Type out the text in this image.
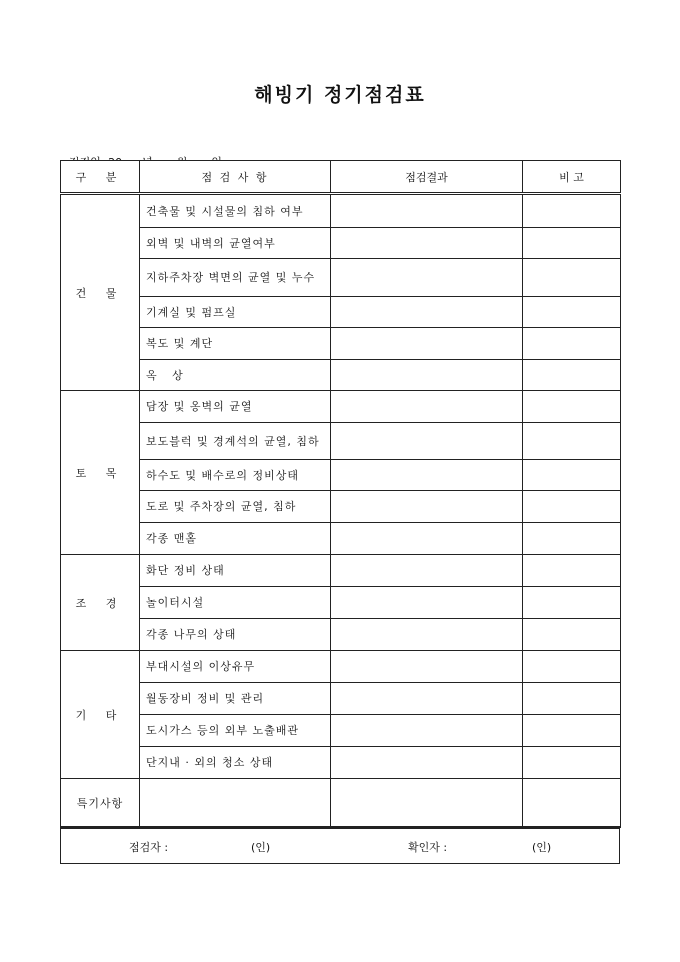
해빙기 정기점검표

구 분	점 검 사 항	점검결과	비 고
건 물	건축물 및 시설물의 침하 여부		
	외벽 및 내벽의 균열여부		
	지하주차장 벽면의 균열 및 누수		
	기계실 및 펌프실		
	복도 및 계단		
	옥 상		
토 목	담장 및 옹벽의 균열		
	보도블럭 및 경계석의 균열, 침하		
	하수도 및 배수로의 정비상태		
	도로 및 주차장의 균열, 침하		
	각종 맨홀		
조 경	화단 정비 상태		
	놀이터시설		
	각종 나무의 상태		
기 타	부대시설의 이상유무		
	월동장비 정비 및 관리		
	도시가스 등의 외부 노출배관		
	단지내 · 외의 청소 상태		
특기사항			
점검자 :	(인)	확인자 :	(인)
